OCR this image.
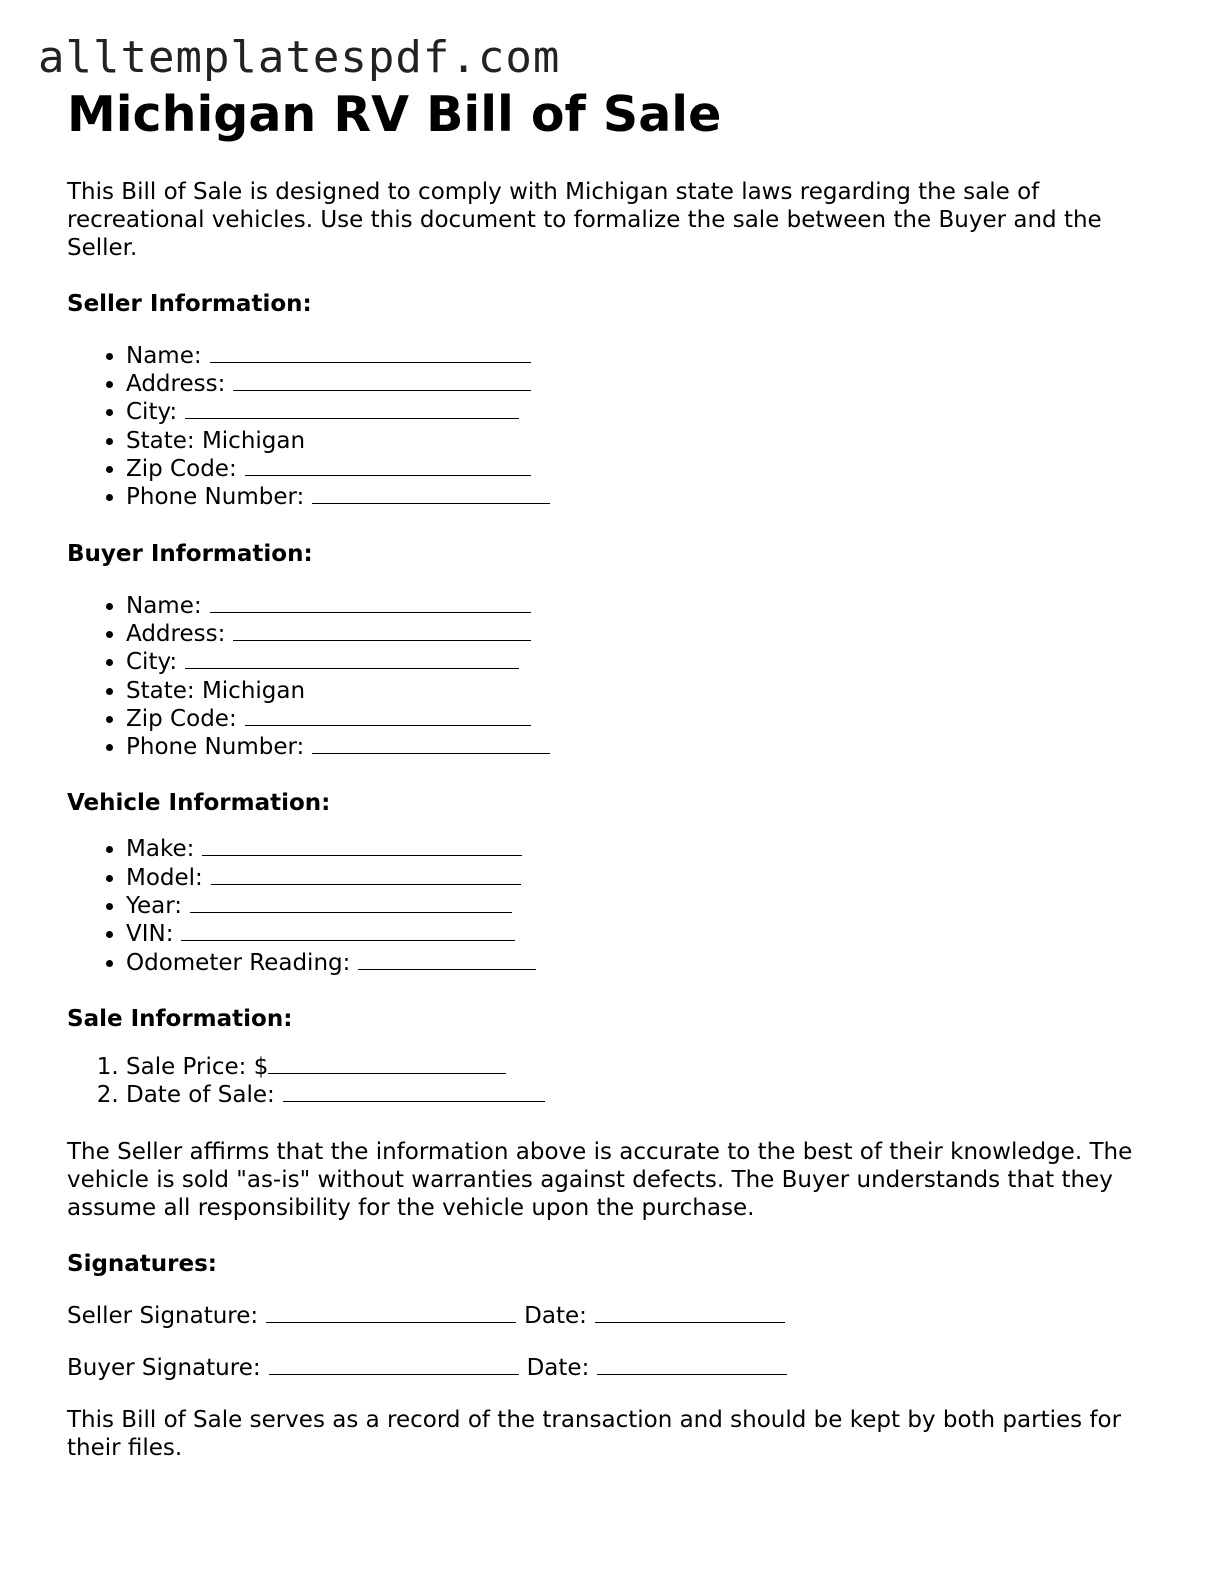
alltemplatespdf.com
Michigan RV Bill of Sale

This Bill of Sale is designed to comply with Michigan state laws regarding the sale of recreational vehicles. Use this document to formalize the sale between the Buyer and the Seller.

Seller Information:
• Name:
• Address:
• City:
• State: Michigan
• Zip Code:
• Phone Number:
Buyer Information:
• Name:
• Address:
• City:
• State: Michigan
• Zip Code:
• Phone Number:
Vehicle Information:
• Make:
• Model:
• Year:
• VIN:
• Odometer Reading:
Sale Information:
1. Sale Price: $
2. Date of Sale:

The Seller affirms that the information above is accurate to the best of their knowledge. The vehicle is sold "as-is" without warranties against defects. The Buyer understands that they assume all responsibility for the vehicle upon the purchase.

Signatures:
Seller Signature:	Date:
Buyer Signature:	Date:

This Bill of Sale serves as a record of the transaction and should be kept by both parties for their files.
